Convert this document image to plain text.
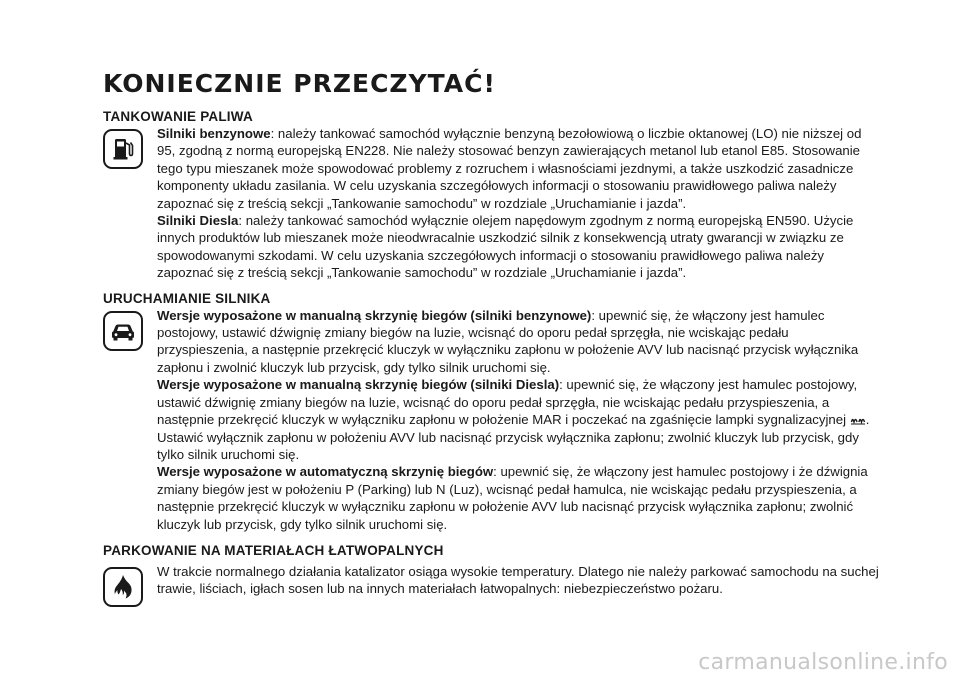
KONIECZNIE PRZECZYTAĆ!
TANKOWANIE PALIWA

Silniki benzynowe: należy tankować samochód wyłącznie benzyną bezołowiową o liczbie oktanowej (LO) nie niższej od 95, zgodną z normą europejską EN228. Nie należy stosować benzyn zawierających metanol lub etanol E85. Stosowanie tego typu mieszanek może spowodować problemy z rozruchem i własnościami jezdnymi, a także uszkodzić zasadnicze komponenty układu zasilania. W celu uzyskania szczegółowych informacji o stosowaniu prawidłowego paliwa należy zapoznać się z treścią sekcji „Tankowanie samochodu” w rozdziale „Uruchamianie i jazda”.

Silniki Diesla: należy tankować samochód wyłącznie olejem napędowym zgodnym z normą europejską EN590. Użycie innych produktów lub mieszanek może nieodwracalnie uszkodzić silnik z konsekwencją utraty gwarancji w związku ze spowodowanymi szkodami. W celu uzyskania szczegółowych informacji o stosowaniu prawidłowego paliwa należy zapoznać się z treścią sekcji „Tankowanie samochodu” w rozdziale „Uruchamianie i jazda”.

URUCHAMIANIE SILNIKA

Wersje wyposażone w manualną skrzynię biegów (silniki benzynowe): upewnić się, że włączony jest hamulec postojowy, ustawić dźwignię zmiany biegów na luzie, wcisnąć do oporu pedał sprzęgła, nie wciskając pedału przyspieszenia, a następnie przekręcić kluczyk w wyłączniku zapłonu w położenie AVV lub nacisnąć przycisk wyłącznika zapłonu i zwolnić kluczyk lub przycisk, gdy tylko silnik uruchomi się.

Wersje wyposażone w manualną skrzynię biegów (silniki Diesla): upewnić się, że włączony jest hamulec postojowy, ustawić dźwignię zmiany biegów na luzie, wcisnąć do oporu pedał sprzęgła, nie wciskając pedału przyspieszenia, a następnie przekręcić kluczyk w wyłączniku zapłonu w położenie MAR i poczekać na zgaśnięcie lampki sygnalizacyjnej . Ustawić wyłącznik zapłonu w położeniu AVV lub nacisnąć przycisk wyłącznika zapłonu; zwolnić kluczyk lub przycisk, gdy tylko silnik uruchomi się.

Wersje wyposażone w automatyczną skrzynię biegów: upewnić się, że włączony jest hamulec postojowy i że dźwignia zmiany biegów jest w położeniu P (Parking) lub N (Luz), wcisnąć pedał hamulca, nie wciskając pedału przyspieszenia, a następnie przekręcić kluczyk w wyłączniku zapłonu w położenie AVV lub nacisnąć przycisk wyłącznika zapłonu; zwolnić kluczyk lub przycisk, gdy tylko silnik uruchomi się.

PARKOWANIE NA MATERIAŁACH ŁATWOPALNYCH

W trakcie normalnego działania katalizator osiąga wysokie temperatury. Dlatego nie należy parkować samochodu na suchej trawie, liściach, igłach sosen lub na innych materiałach łatwopalnych: niebezpieczeństwo pożaru.

carmanualsonline.info
